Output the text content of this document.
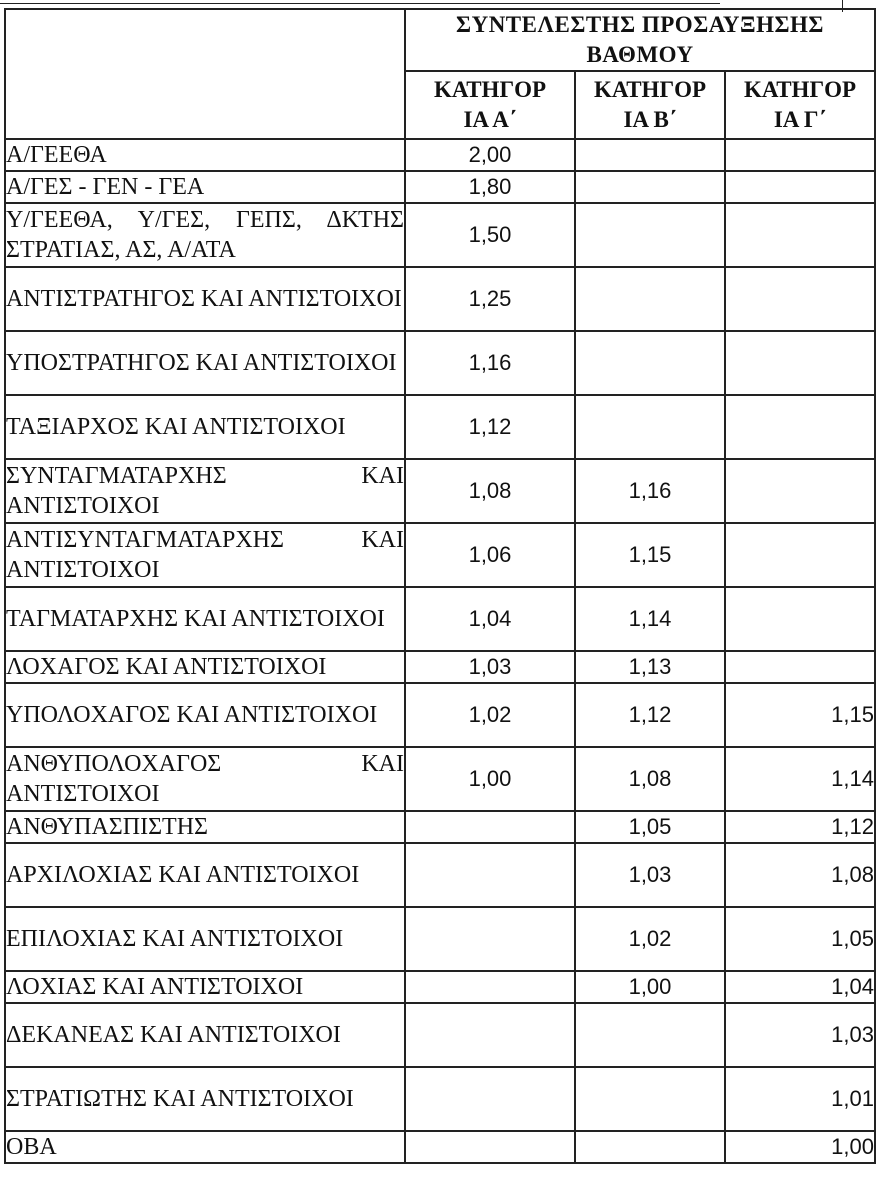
	ΣΥΝΤΕΛΕΣΤΗΣ ΠΡΟΣΑΥΞΗΣΗΣ ΒΑΘΜΟΥ		
	ΚΑΤΗΓΟΡΙΑ Α΄	ΚΑΤΗΓΟΡΙΑ Β΄	ΚΑΤΗΓΟΡΙΑ Γ΄
Α/ΓΕΕΘΑ	2,00		
Α/ΓΕΣ - ΓΕΝ - ΓΕΑ	1,80		
Υ/ΓΕΕΘΑ, Υ/ΓΕΣ, ΓΕΠΣ, ΔΚΤΗΣ ΣΤΡΑΤΙΑΣ, ΑΣ, Α/ΑΤΑ	1,50		
ΑΝΤΙΣΤΡΑΤΗΓΟΣ ΚΑΙ ΑΝΤΙΣΤΟΙΧΟΙ	1,25		
ΥΠΟΣΤΡΑΤΗΓΟΣ ΚΑΙ ΑΝΤΙΣΤΟΙΧΟΙ	1,16		
ΤΑΞΙΑΡΧΟΣ ΚΑΙ ΑΝΤΙΣΤΟΙΧΟΙ	1,12		
ΣΥΝΤΑΓΜΑΤΑΡΧΗΣ ΚΑΙ ΑΝΤΙΣΤΟΙΧΟΙ	1,08	1,16	
ΑΝΤΙΣΥΝΤΑΓΜΑΤΑΡΧΗΣ ΚΑΙ ΑΝΤΙΣΤΟΙΧΟΙ	1,06	1,15	
ΤΑΓΜΑΤΑΡΧΗΣ ΚΑΙ ΑΝΤΙΣΤΟΙΧΟΙ	1,04	1,14	
ΛΟΧΑΓΟΣ ΚΑΙ ΑΝΤΙΣΤΟΙΧΟΙ	1,03	1,13	
ΥΠΟΛΟΧΑΓΟΣ ΚΑΙ ΑΝΤΙΣΤΟΙΧΟΙ	1,02	1,12	1,15
ΑΝΘΥΠΟΛΟΧΑΓΟΣ ΚΑΙ ΑΝΤΙΣΤΟΙΧΟΙ	1,00	1,08	1,14
ΑΝΘΥΠΑΣΠΙΣΤΗΣ		1,05	1,12
ΑΡΧΙΛΟΧΙΑΣ ΚΑΙ ΑΝΤΙΣΤΟΙΧΟΙ		1,03	1,08
ΕΠΙΛΟΧΙΑΣ ΚΑΙ ΑΝΤΙΣΤΟΙΧΟΙ		1,02	1,05
ΛΟΧΙΑΣ ΚΑΙ ΑΝΤΙΣΤΟΙΧΟΙ		1,00	1,04
ΔΕΚΑΝΕΑΣ ΚΑΙ ΑΝΤΙΣΤΟΙΧΟΙ			1,03
ΣΤΡΑΤΙΩΤΗΣ ΚΑΙ ΑΝΤΙΣΤΟΙΧΟΙ			1,01
ΟΒΑ			1,00
